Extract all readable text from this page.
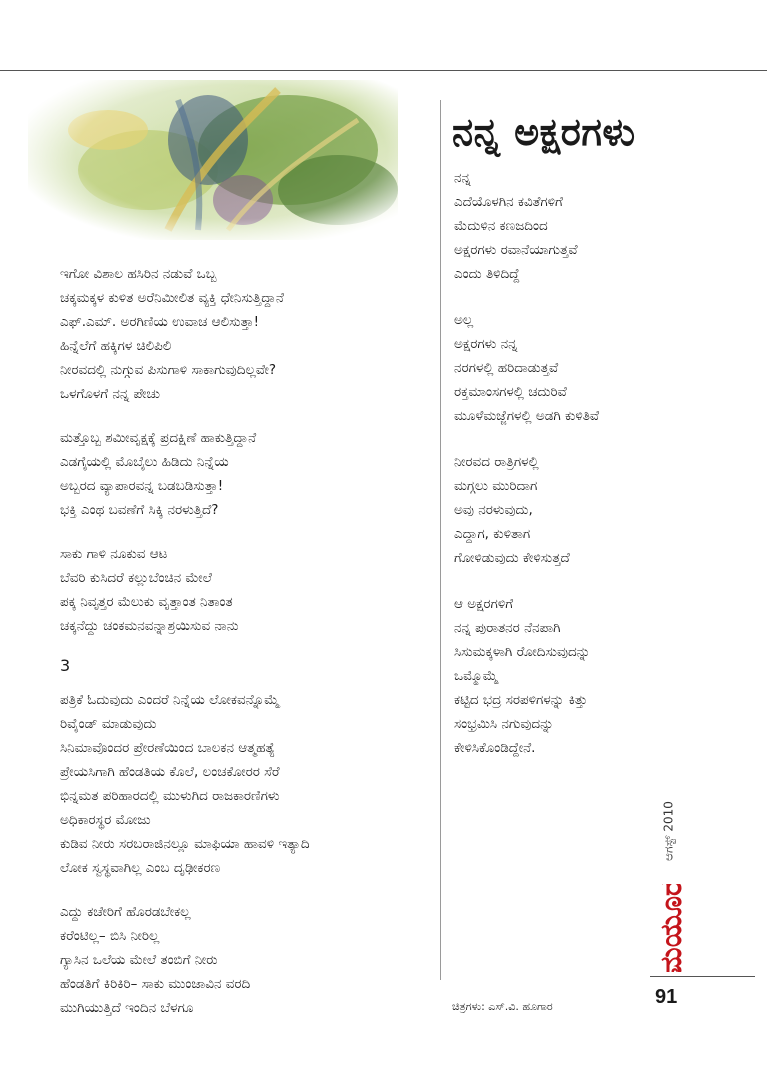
ಇಗೋ ವಿಶಾಲ ಹಸಿರಿನ ನಡುವೆ ಒಬ್ಬ
ಚಕ್ಕಮಕ್ಕಳ ಕುಳಿತ ಅರೆನಿಮೀಲಿತ ವ್ಯಕ್ತಿ ಧೇನಿಸುತ್ತಿದ್ದಾನೆ
ಎಫ್.ಎಮ್. ಅರಗಿಣಿಯ ಉವಾಚ ಆಲಿಸುತ್ತಾ!
ಹಿನ್ನೆಲೆಗೆ ಹಕ್ಕಿಗಳ ಚಿಲಿಪಿಲಿ
ನೀರವದಲ್ಲಿ ನುಗ್ಗುವ ಪಿಸುಗಾಳಿ ಸಾಕಾಗುವುದಿಲ್ಲವೇ?
ಒಳಗೊಳಗೆ ನನ್ನ ಪೇಚು
ಮತ್ತೊಬ್ಬ ಶಮೀವೃಕ್ಷಕ್ಕೆ ಪ್ರದಕ್ಷಿಣೆ ಹಾಕುತ್ತಿದ್ದಾನೆ
ಎಡಗೈಯಲ್ಲಿ ಮೊಬೈಲು ಹಿಡಿದು ನಿನ್ನೆಯ
ಅಬ್ಬರದ ವ್ಯಾಪಾರವನ್ನ ಬಡಬಡಿಸುತ್ತಾ!
ಭಕ್ತಿ ಎಂಥ ಬವಣೆಗೆ ಸಿಕ್ಕಿ ನರಳುತ್ತಿದೆ?
ಸಾಕು ಗಾಳಿ ನೂಕುವ ಆಟ
ಬೆವರಿ ಕುಸಿದರೆ ಕಲ್ಲುಬೆಂಚಿನ ಮೇಲೆ
ಪಕ್ಕ ನಿವೃತ್ತರ ಮೆಲುಕು ವೃತ್ತಾಂತ ನಿತಾಂತ
ಚಕ್ಕನೆದ್ದು ಚಂಕಮನವನ್ನಾಶ್ರಯಿಸುವ ನಾನು
3
ಪತ್ರಿಕೆ ಓದುವುದು ಎಂದರೆ ನಿನ್ನೆಯ ಲೋಕವನ್ನೊಮ್ಮೆ
ರಿವೈಂಡ್ ಮಾಡುವುದು
ಸಿನಿಮಾವೊಂದರ ಪ್ರೇರಣೆಯಿಂದ ಬಾಲಕನ ಆತ್ಮಹತ್ಯೆ
ಪ್ರೇಯಸಿಗಾಗಿ ಹೆಂಡತಿಯ ಕೊಲೆ, ಲಂಚಕೋರರ ಸೆರೆ
ಭಿನ್ನಮತ ಪರಿಹಾರದಲ್ಲಿ ಮುಳುಗಿದ ರಾಜಕಾರಣಿಗಳು
ಅಧಿಕಾರಸ್ಥರ ಮೋಜು
ಕುಡಿವ ನೀರು ಸರಬರಾಜಿನಲ್ಲೂ ಮಾಫಿಯಾ ಹಾವಳಿ ಇತ್ಯಾದಿ
ಲೋಕ ಸ್ವಸ್ಥವಾಗಿಲ್ಲ ಎಂಬ ದೃಢೀಕರಣ
ಎದ್ದು ಕಚೇರಿಗೆ ಹೊರಡಬೇಕಲ್ಲ
ಕರೆಂಟಿಲ್ಲ– ಬಿಸಿ ನೀರಿಲ್ಲ
ಗ್ಯಾಸಿನ ಒಲೆಯ ಮೇಲೆ ತಂಬಿಗೆ ನೀರು
ಹೆಂಡತಿಗೆ ಕಿರಿಕಿರಿ– ಸಾಕು ಮುಂಜಾವಿನ ವರದಿ
ಮುಗಿಯುತ್ತಿದೆ ಇಂದಿನ ಬೆಳಗೂ
ನನ್ನ ಅಕ್ಷರಗಳು
ನನ್ನ
ಎದೆಯೊಳಗಿನ ಕವಿತೆಗಳಿಗೆ
ಮೆದುಳಿನ ಕಣಜದಿಂದ
ಅಕ್ಷರಗಳು ರವಾನೆಯಾಗುತ್ತವೆ
ಎಂದು ತಿಳಿದಿದ್ದೆ
ಅಲ್ಲ
ಅಕ್ಷರಗಳು ನನ್ನ
ನರಗಳಲ್ಲಿ ಹರಿದಾಡುತ್ತವೆ
ರಕ್ತಮಾಂಸಗಳಲ್ಲಿ ಚದುರಿವೆ
ಮೂಳೆಮಜ್ಜೆಗಳಲ್ಲಿ ಅಡಗಿ ಕುಳಿತಿವೆ
ನೀರವದ ರಾತ್ರಿಗಳಲ್ಲಿ
ಮಗ್ಗಲು ಮುರಿದಾಗ
ಅವು ನರಳುವುದು,
ಎದ್ದಾಗ, ಕುಳಿತಾಗ
ಗೋಳಿಡುವುದು ಕೇಳಿಸುತ್ತದೆ
ಆ ಅಕ್ಷರಗಳಿಗೆ
ನನ್ನ ಪುರಾತನರ ನೆನಪಾಗಿ
ಸಿಸುಮಕ್ಕಳಾಗಿ ರೋದಿಸುವುದನ್ನು
ಒಮ್ಮೊಮ್ಮೆ
ಕಟ್ಟಿದ ಭದ್ರ ಸರಪಳಿಗಳನ್ನು ಕಿತ್ತು
ಸಂಭ್ರಮಿಸಿ ನಗುವುದನ್ನು
ಕೇಳಿಸಿಕೊಂಡಿದ್ದೇನೆ.
ಆಗಸ್ಟ್ 2010
ಮಯೂರ
91
ಚಿತ್ರಗಳು: ಎಸ್.ವಿ. ಹೂಗಾರ
